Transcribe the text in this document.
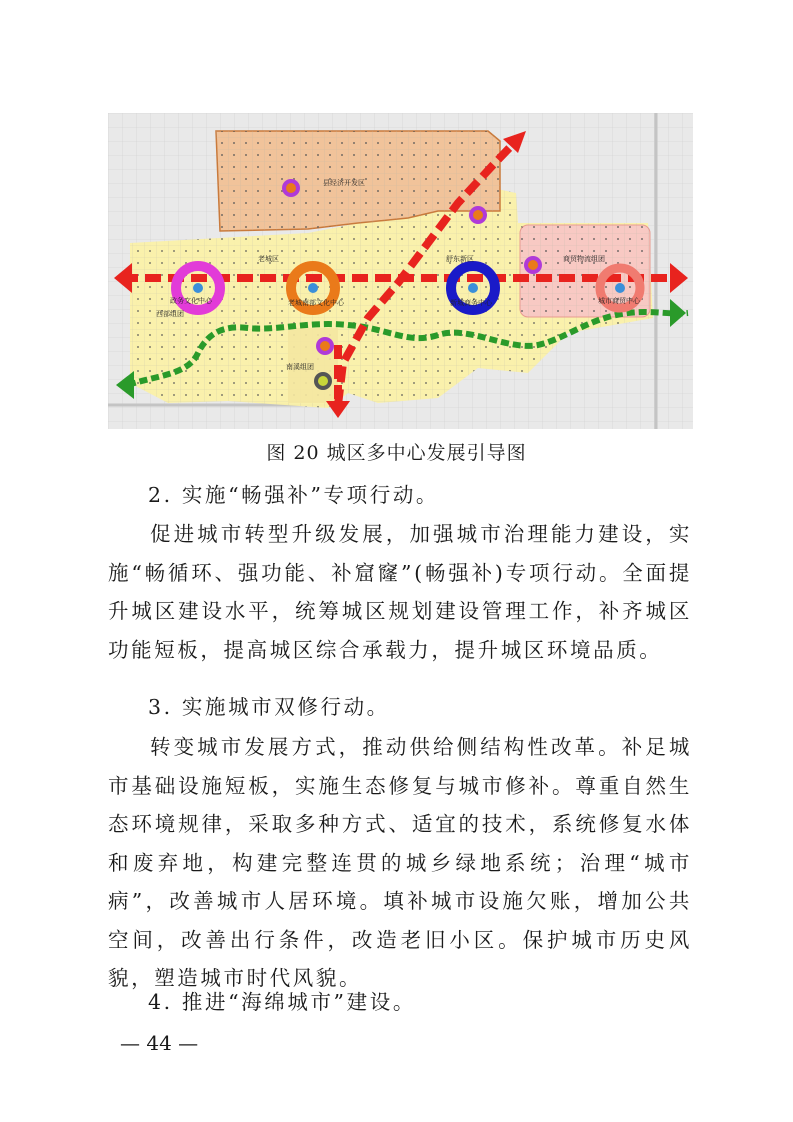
县经济开发区
老城区	舒东新区	商贸物流组团
政务文化中心
西部组团
老城南部文化中心	新城商务中心	城市商贸中心
南溪组团
图 20 城区多中心发展引导图

2. 实施“畅强补”专项行动。

促进城市转型升级发展，加强城市治理能力建设，实施“畅循环、强功能、补窟窿”(畅强补)专项行动。全面提升城区建设水平，统筹城区规划建设管理工作，补齐城区功能短板，提高城区综合承载力，提升城区环境品质。

3. 实施城市双修行动。

转变城市发展方式，推动供给侧结构性改革。补足城市基础设施短板，实施生态修复与城市修补。尊重自然生态环境规律，采取多种方式、适宜的技术，系统修复水体和废弃地，构建完整连贯的城乡绿地系统；治理“城市病”，改善城市人居环境。填补城市设施欠账，增加公共空间，改善出行条件，改造老旧小区。保护城市历史风貌，塑造城市时代风貌。

4. 推进“海绵城市”建设。

— 44 —
